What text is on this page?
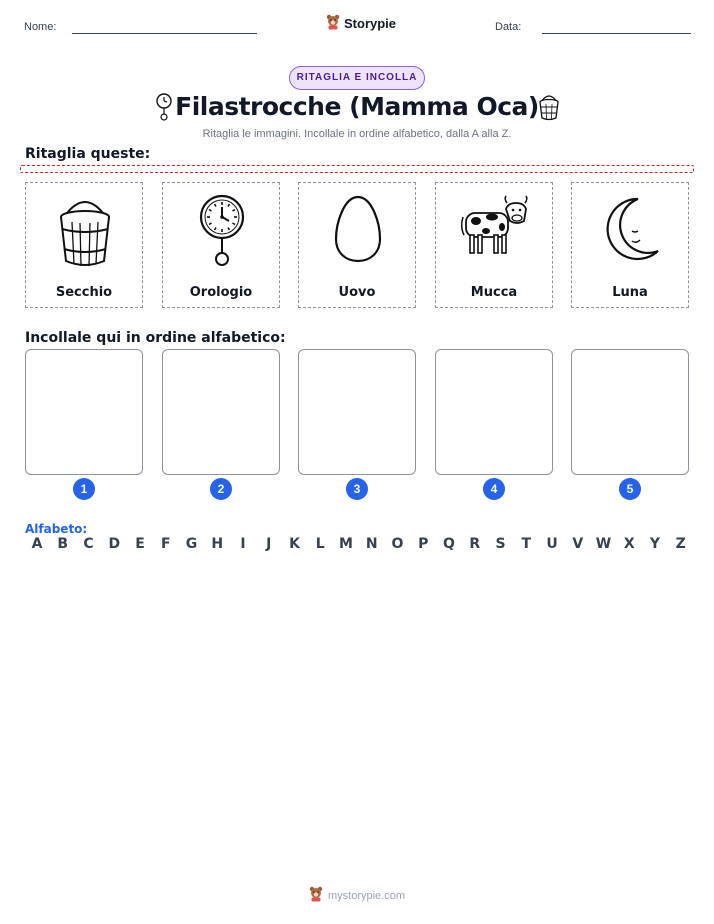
Nome:	Storypie	Data:
RITAGLIA E INCOLLA
Filastrocche (Mamma Oca)
Ritaglia le immagini. Incollale in ordine alfabetico, dalla A alla Z.
Ritaglia queste:
Secchio	Orologio	Uovo	Mucca	Luna
Incollale qui in ordine alfabetico:
1	2	3	4	5
Alfabeto:
A	B	C	D	E	F	G	H	I	J	K	L	M N O	P	Q	R	S	T	U	V W X	Y	Z
mystorypie.com
